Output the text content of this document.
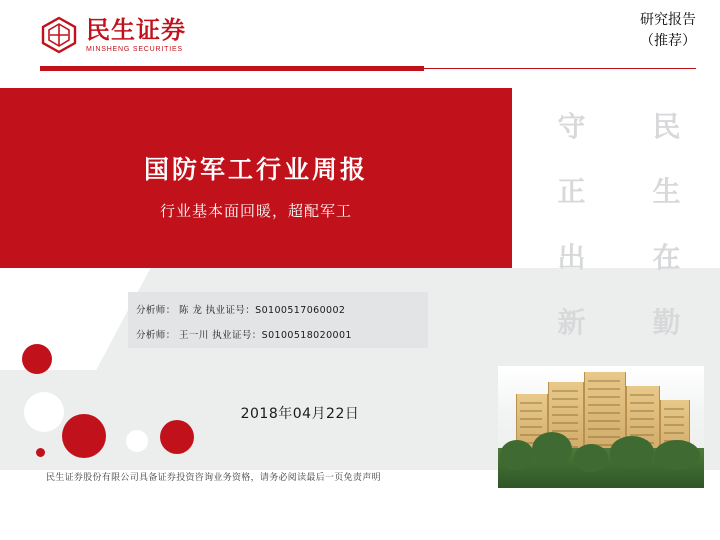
民生证券
MINSHENG SECURITIES
研究报告
（推荐）
国防军工行业周报
行业基本面回暖，超配军工
守 民
正 生
出 在
新 勤
分析师： 陈 龙 执业证号：S0100517060002
分析师： 王一川 执业证号：S0100518020001
2018年04月22日
民生证券股份有限公司具备证券投资咨询业务资格，请务必阅读最后一页免责声明
